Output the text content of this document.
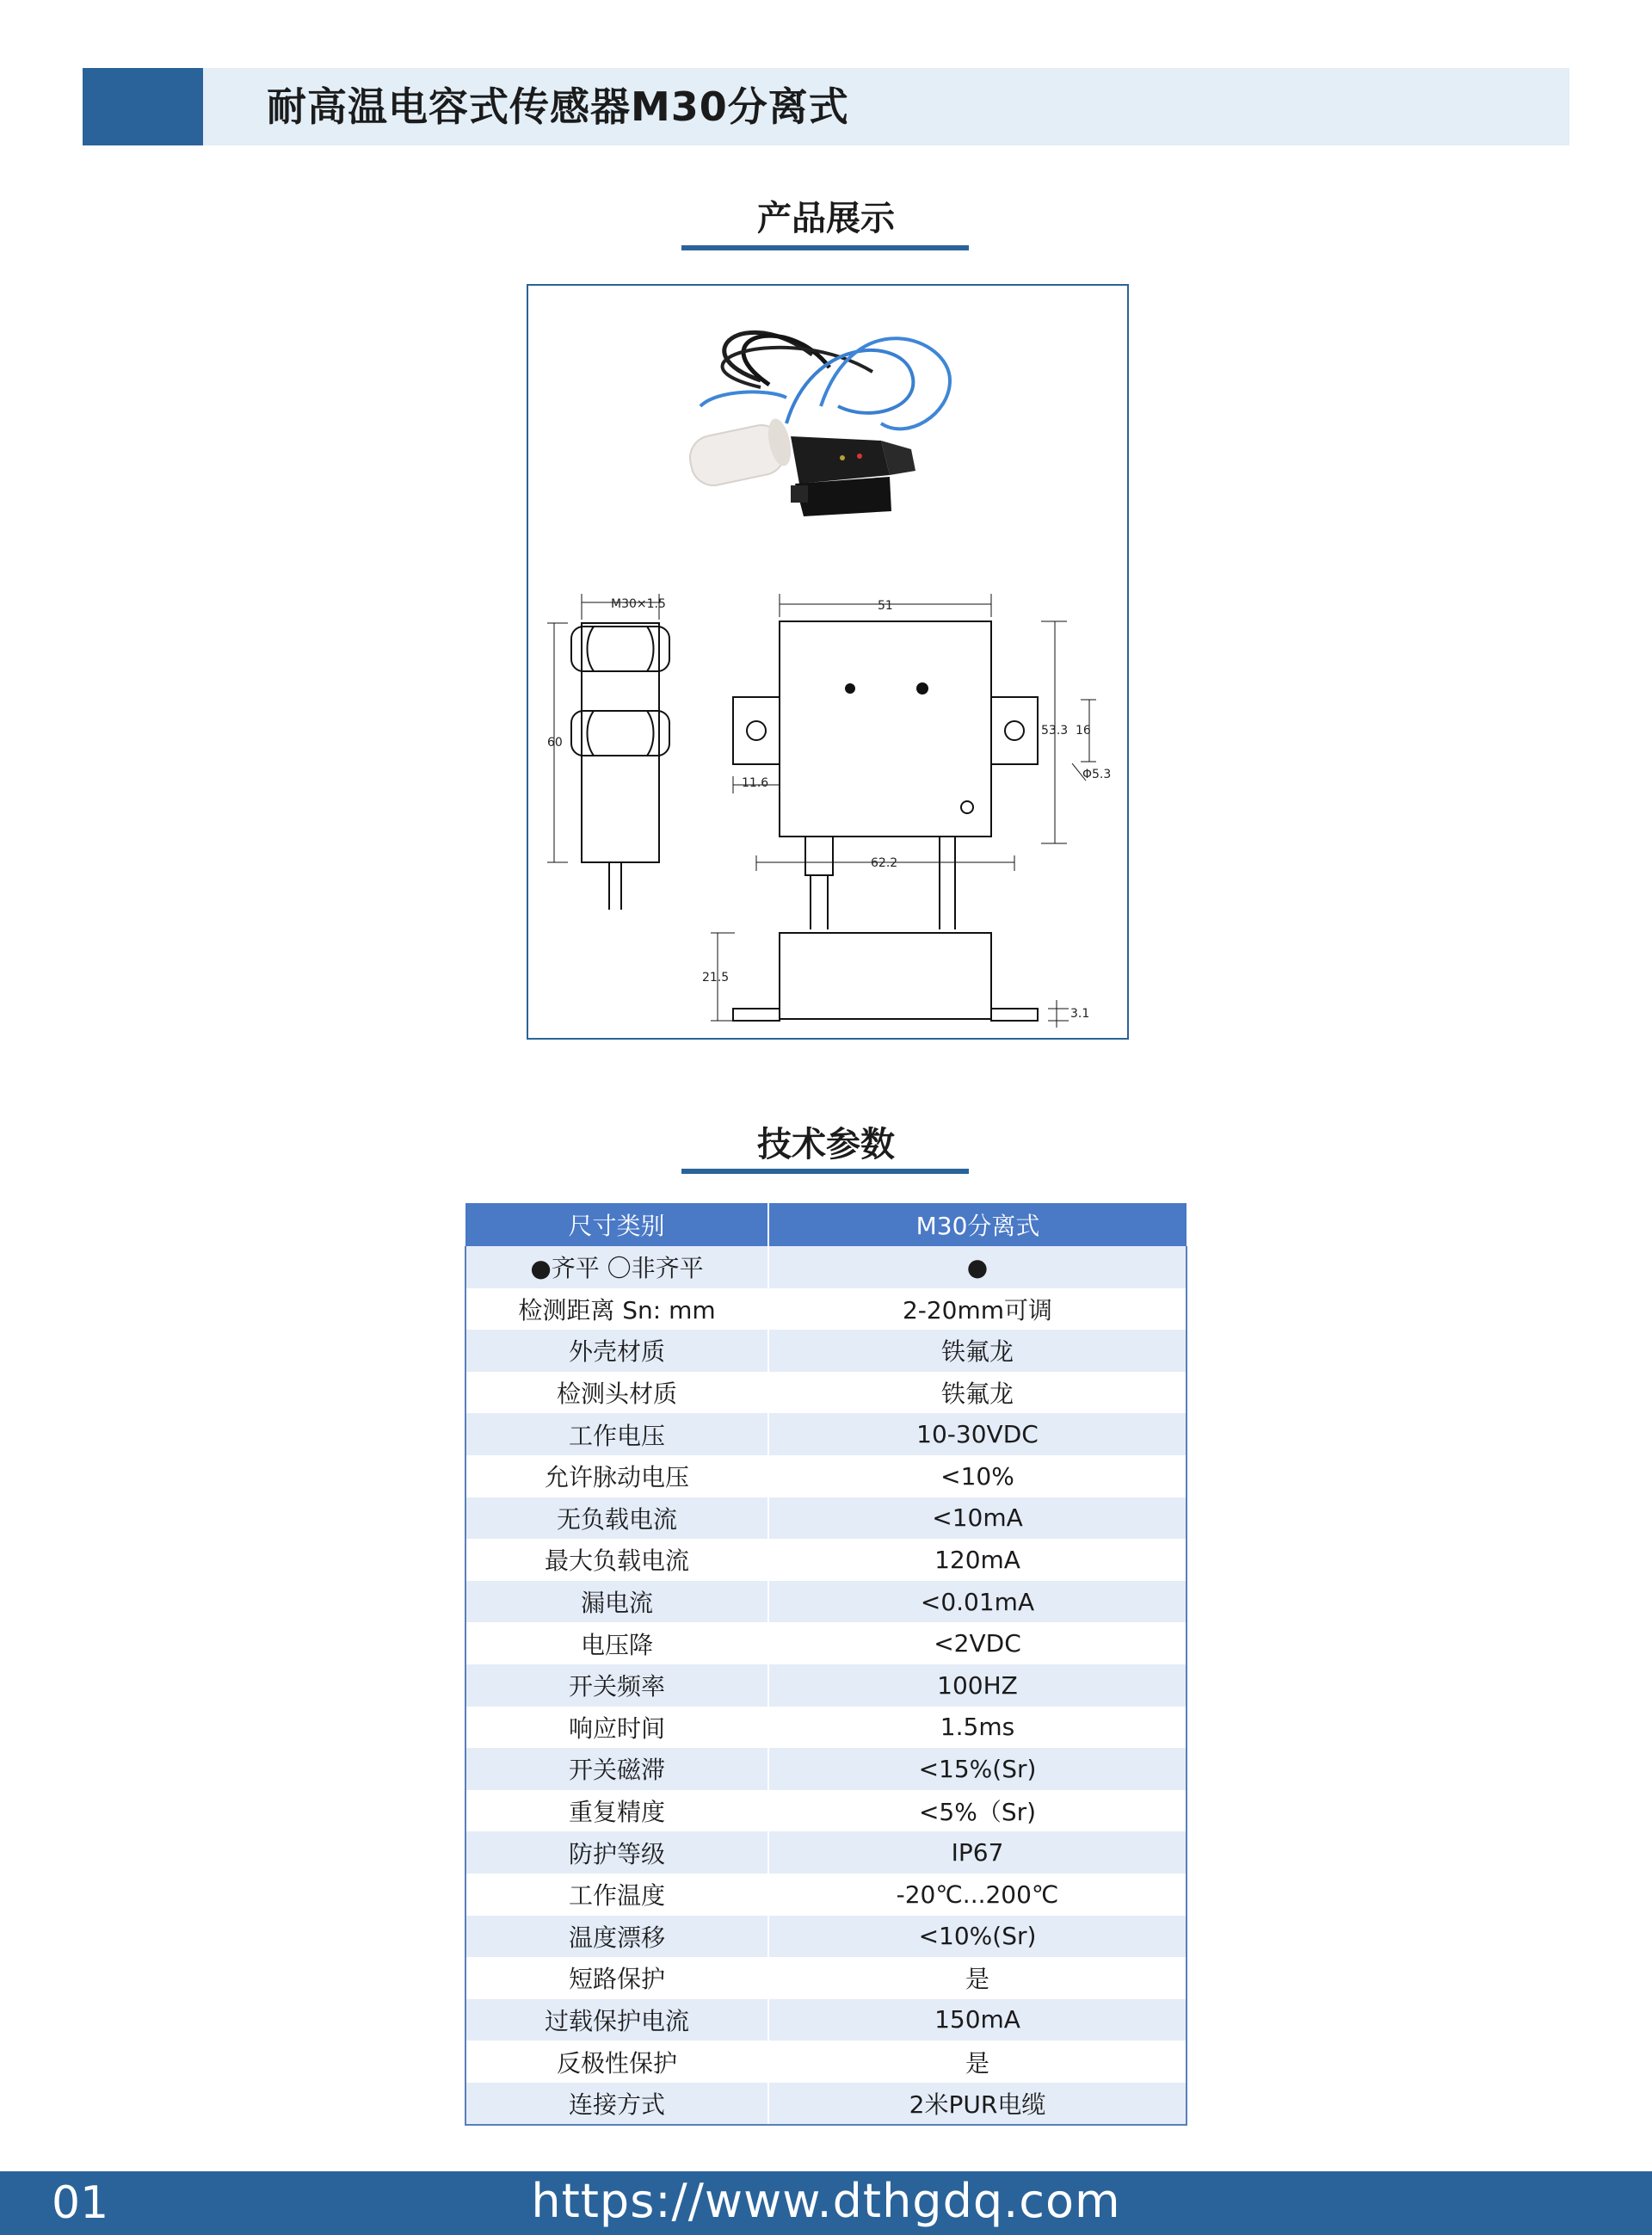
耐高温电容式传感器M30分离式
产品展示
M30×1.5
60
51
53.3 16
Φ5.3
11.6
62.2
21.5
3.1
技术参数
尺寸类别	M30分离式
●齐平 〇非齐平	●
检测距离 Sn: mm	2-20mm可调
外壳材质	铁氟龙
检测头材质	铁氟龙
工作电压	10-30VDC
允许脉动电压	<10%
无负载电流	<10mA
最大负载电流	120mA
漏电流	<0.01mA
电压降	<2VDC
开关频率	100HZ
响应时间	1.5ms
开关磁滞	<15%(Sr)
重复精度	<5%（Sr)
防护等级	IP67
工作温度	-20℃...200℃
温度漂移	<10%(Sr)
短路保护	是
过载保护电流	150mA
反极性保护	是
连接方式	2米PUR电缆
01	https://www.dthgdq.com
